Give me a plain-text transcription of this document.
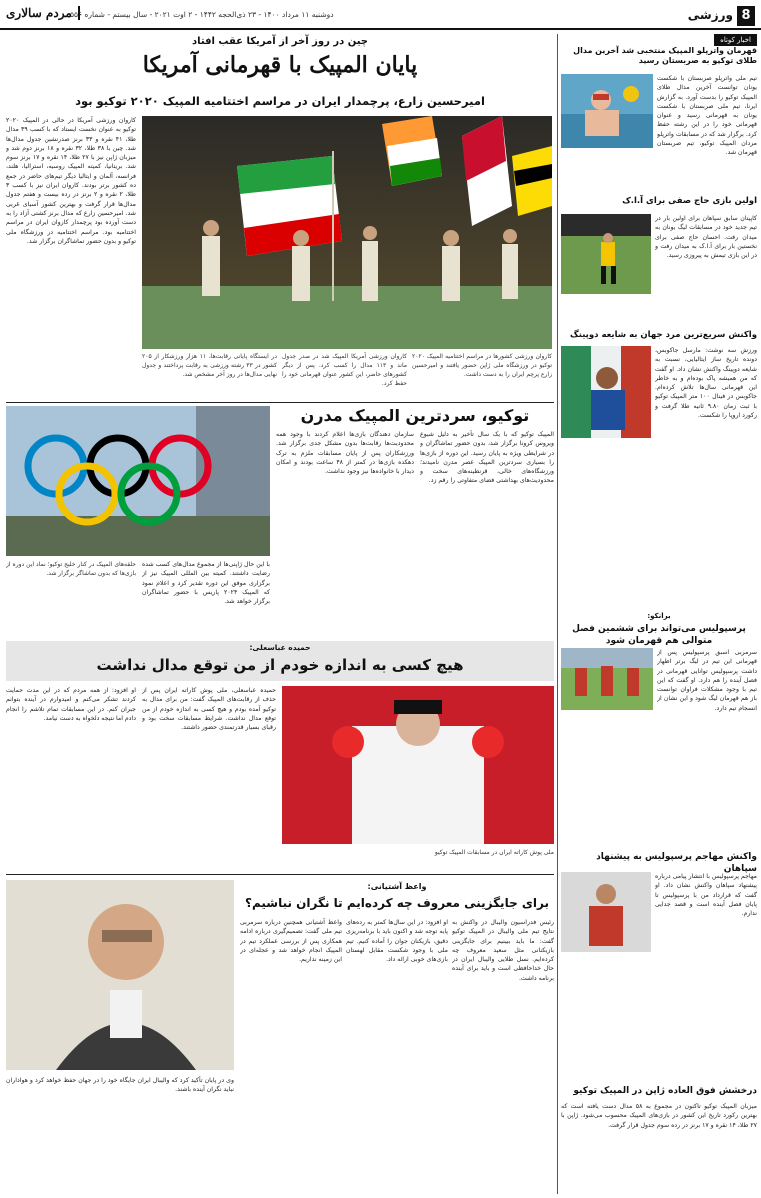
8
ورزشی
دوشنبه ۱۱ مرداد ۱۴۰۰ - ۲۳ ذی‌الحجه ۱۴۴۲ - ۲ اوت ۲۰۲۱ - سال بیستم - شماره ۵۵۶
مردم سالاری
اخبار کوتاه
قهرمان واترپلو المپیک منتخبی شد آخرین مدال طلای توکیو به صربستان رسید
تیم ملی واترپلو صربستان با شکست یونان توانست آخرین مدال طلای المپیک توکیو را بدست آورد. به گزارش ایرنا، تیم ملی صربستان با شکست یونان به قهرمانی رسید و عنوان قهرمانی خود را در این رشته حفظ کرد. برگزار شد که در مسابقات واترپلو مردان المپیک توکیو، تیم صربستان قهرمان شد.
اولین بازی حاج صفی برای آ.ا.ک
کاپیتان سابق سپاهان برای اولین بار در تیم جدید خود در مسابقات لیگ یونان به میدان رفت. احسان حاج صفی برای نخستین بار برای آ.ا.ک به میدان رفت و در این بازی تیمش به پیروزی رسید.
واکنش سریع‌ترین مرد جهان به شایعه دوپینگ
ورزش سه نوشت: مارسل جاکوبس، دونده تاریخ ساز ایتالیایی، نسبت به شایعه دوپینگ واکنش نشان داد. او گفت که من همیشه پاک بوده‌ام و به خاطر این قهرمانی سال‌ها تلاش کرده‌ام. جاکوبس در فینال ۱۰۰ متر المپیک توکیو با ثبت زمان ۹.۸۰ ثانیه طلا گرفت و رکورد اروپا را شکست.
برانکو:
پرسپولیس می‌تواند برای ششمین فصل متوالی هم قهرمان شود
سرمربی اسبق پرسپولیس پس از قهرمانی این تیم در لیگ برتر اظهار داشت پرسپولیس توانایی قهرمانی در فصل آینده را هم دارد. او گفت که این تیم با وجود مشکلات فراوان توانست باز هم قهرمان لیگ شود و این نشان از انسجام تیم دارد.
واکنش مهاجم پرسپولیس به پیشنهاد سپاهان
مهاجم پرسپولیس با انتشار پیامی درباره پیشنهاد سپاهان واکنش نشان داد. او گفت که قرارداد من با پرسپولیس تا پایان فصل آینده است و قصد جدایی ندارم.
درخشش فوق العاده ژاپن در المپیک توکیو
میزبان المپیک توکیو تاکنون در مجموع به ۵۸ مدال دست یافته است که بهترین رکورد تاریخ این کشور در بازی‌های المپیک محسوب می‌شود. ژاپن با ۲۷ طلا، ۱۴ نقره و ۱۷ برنز در رده سوم جدول قرار گرفت.
چین در روز آخر از آمریکا عقب افتاد
پایان المپیک با قهرمانی آمریکا
امیرحسین زارع، پرچمدار ایران در مراسم اختتامیه المپیک ۲۰۲۰ توکیو بود
کاروان ورزشی آمریکا در حالی در المپیک ۲۰۲۰ توکیو به عنوان نخست ایستاد که با کسب ۳۹ مدال طلا، ۴۱ نقره و ۳۳ برنز صدرنشین جدول مدال‌ها شد. چین با ۳۸ طلا، ۳۲ نقره و ۱۸ برنز دوم شد و میزبان ژاپن نیز با ۲۷ طلا، ۱۴ نقره و ۱۷ برنز سوم شد. بریتانیا، کمیته المپیک روسیه، استرالیا، هلند، فرانسه، آلمان و ایتالیا دیگر تیم‌های حاضر در جمع ده کشور برتر بودند. کاروان ایران نیز با کسب ۳ طلا، ۲ نقره و ۲ برنز در رده بیست و هفتم جدول مدال‌ها قرار گرفت و بهترین کشور آسیای غربی شد. امیرحسین زارع که مدال برنز کشتی آزاد را به دست آورده بود پرچمدار کاروان ایران در مراسم اختتامیه بود. مراسم اختتامیه در ورزشگاه ملی توکیو و بدون حضور تماشاگران برگزار شد.
کاروان ورزشی کشورها در مراسم اختتامیه المپیک ۲۰۲۰ توکیو در ورزشگاه ملی ژاپن حضور یافتند و امیرحسین زارع پرچم ایران را به دست داشت.
کاروان ورزشی آمریکا المپیک شد در صدر جدول ماند و ۱۱۳ مدال را کسب کرد. پس از دیگر کشورهای حاضر، این کشور عنوان قهرمانی خود را حفظ کرد.
در ایستگاه پایانی رقابت‌ها، ۱۱ هزار ورزشکار از ۲۰۵ کشور در ۳۳ رشته ورزشی به رقابت پرداختند و جدول نهایی مدال‌ها در روز آخر مشخص شد.
توکیو، سردترین المپیک مدرن
المپیک توکیو که با یک سال تأخیر به دلیل شیوع ویروس کرونا برگزار شد، بدون حضور تماشاگران و در شرایطی ویژه به پایان رسید. این دوره از بازی‌ها را بسیاری سردترین المپیک عصر مدرن نامیدند؛ ورزشگاه‌های خالی، قرنطینه‌های سخت و محدودیت‌های بهداشتی فضای متفاوتی را رقم زد.
سازمان دهندگان بازی‌ها اعلام کردند با وجود همه محدودیت‌ها رقابت‌ها بدون مشکل جدی برگزار شد. ورزشکاران پس از پایان مسابقات ملزم به ترک دهکده بازی‌ها در کمتر از ۴۸ ساعت بودند و امکان دیدار با خانواده‌ها نیز وجود نداشت.
با این حال ژاپنی‌ها از مجموع مدال‌های کسب شده رضایت داشتند. کمیته بین المللی المپیک نیز از برگزاری موفق این دوره تقدیر کرد و اعلام نمود که المپیک ۲۰۲۴ پاریس با حضور تماشاگران برگزار خواهد شد.
حلقه‌های المپیک در کنار خلیج توکیو؛ نماد این دوره از بازی‌ها که بدون تماشاگر برگزار شد.
حمیده عباسعلی:
هیچ کسی به اندازه خودم از من توقع مدال نداشت
حمیده عباسعلی، ملی پوش کاراته ایران پس از حذف از رقابت‌های المپیک گفت: من برای مدال به توکیو آمده بودم و هیچ کسی به اندازه خودم از من توقع مدال نداشت. شرایط مسابقات سخت بود و رقبای بسیار قدرتمندی حضور داشتند.
او افزود: از همه مردم که در این مدت حمایت کردند تشکر می‌کنم و امیدوارم در آینده بتوانم جبران کنم. در این مسابقات تمام تلاشم را انجام دادم اما نتیجه دلخواه به دست نیامد.
ملی پوش کاراته ایران در مسابقات المپیک توکیو
وی در پایان تأکید کرد که والیبال ایران جایگاه خود را در جهان حفظ خواهد کرد و هواداران نباید نگران آینده باشند.
واعظ آشتیانی:
برای جایگزینی معروف چه کرده‌ایم تا نگران نباشیم؟
رئیس فدراسیون والیبال در واکنش به نتایج تیم ملی والیبال در المپیک توکیو گفت: ما باید ببینیم برای جایگزینی بازیکنانی مثل سعید معروف چه کرده‌ایم. نسل طلایی والیبال ایران در حال خداحافظی است و باید برای آینده برنامه داشت.
او افزود: در این سال‌ها کمتر به رده‌های پایه توجه شد و اکنون باید با برنامه‌ریزی دقیق، بازیکنان جوان را آماده کنیم. تیم ملی با وجود شکست مقابل لهستان بازی‌های خوبی ارائه داد.
واعظ آشتیانی همچنین درباره سرمربی تیم ملی گفت: تصمیم‌گیری درباره ادامه همکاری پس از بررسی عملکرد تیم در المپیک انجام خواهد شد و عجله‌ای در این زمینه نداریم.
